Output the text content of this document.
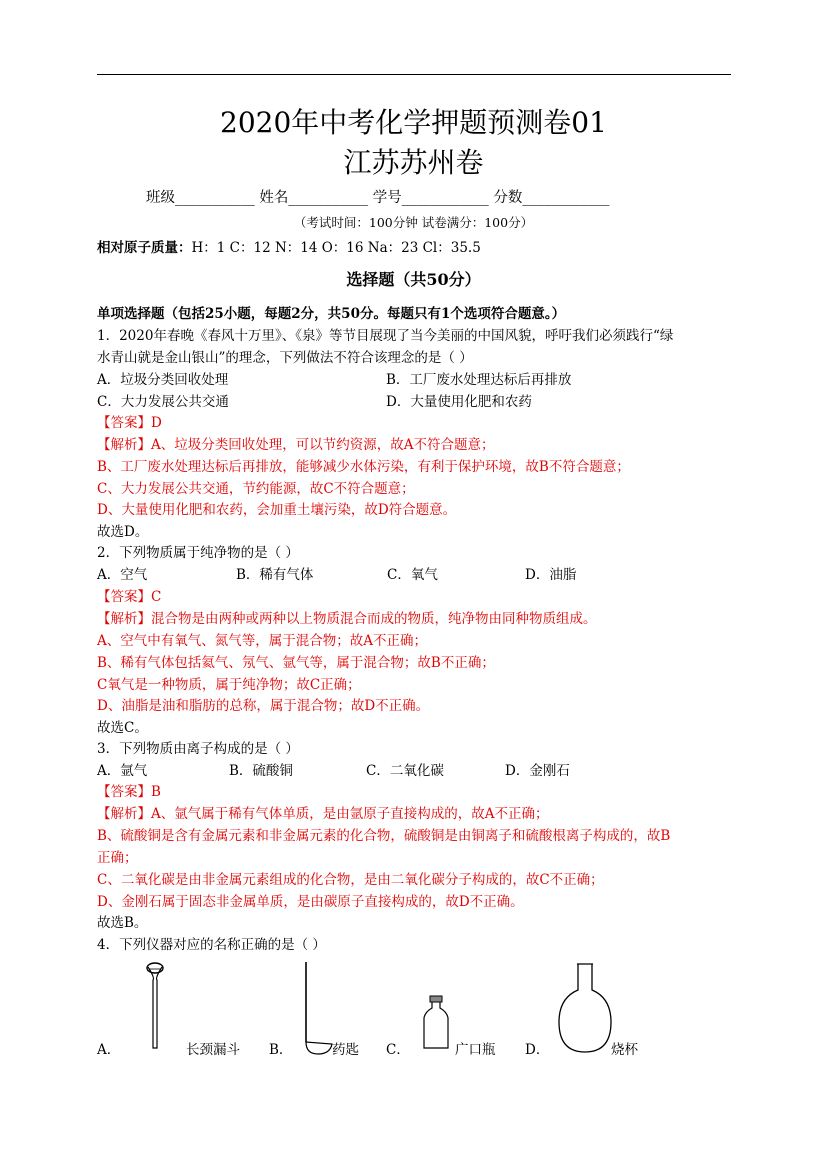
2020年中考化学押题预测卷01
江苏苏州卷
班级___________ 姓名___________ 学号____________ 分数____________
（考试时间：100分钟 试卷满分：100分）
相对原子质量：H：1 C：12 N：14 O：16 Na：23 Cl：35.5
选择题（共50分）
单项选择题（包括25小题，每题2分，共50分。每题只有1个选项符合题意。）
1．2020年春晚《春风十万里》、《泉》等节目展现了当今美丽的中国风貌，呼吁我们必须践行“绿
水青山就是金山银山”的理念，下列做法不符合该理念的是（ ）
A．垃圾分类回收处理	B．工厂废水处理达标后再排放
C．大力发展公共交通	D．大量使用化肥和农药
【答案】D
【解析】A、垃圾分类回收处理，可以节约资源，故A不符合题意；
B、工厂废水处理达标后再排放，能够减少水体污染，有利于保护环境，故B不符合题意；
C、大力发展公共交通，节约能源，故C不符合题意；
D、大量使用化肥和农药，会加重土壤污染，故D符合题意。
故选D。
2．下列物质属于纯净物的是（ ）
A．空气	B．稀有气体	C．氧气	D．油脂
【答案】C
【解析】混合物是由两种或两种以上物质混合而成的物质，纯净物由同种物质组成。
A、空气中有氧气、氮气等，属于混合物；故A不正确；
B、稀有气体包括氦气、氖气、氩气等，属于混合物；故B不正确；
C氧气是一种物质，属于纯净物；故C正确；
D、油脂是油和脂肪的总称，属于混合物；故D不正确。
故选C。
3．下列物质由离子构成的是（ ）
A．氩气	B．硫酸铜	C．二氧化碳	D．金刚石
【答案】B
【解析】A、氩气属于稀有气体单质，是由氩原子直接构成的，故A不正确；
B、硫酸铜是含有金属元素和非金属元素的化合物，硫酸铜是由铜离子和硫酸根离子构成的，故B
正确；
C、二氧化碳是由非金属元素组成的化合物，是由二氧化碳分子构成的，故C不正确；
D、金刚石属于固态非金属单质，是由碳原子直接构成的，故D不正确。
故选B。
4．下列仪器对应的名称正确的是（ ）
A．	长颈漏斗 B．	药匙 C．	广口瓶 D．	烧杯
